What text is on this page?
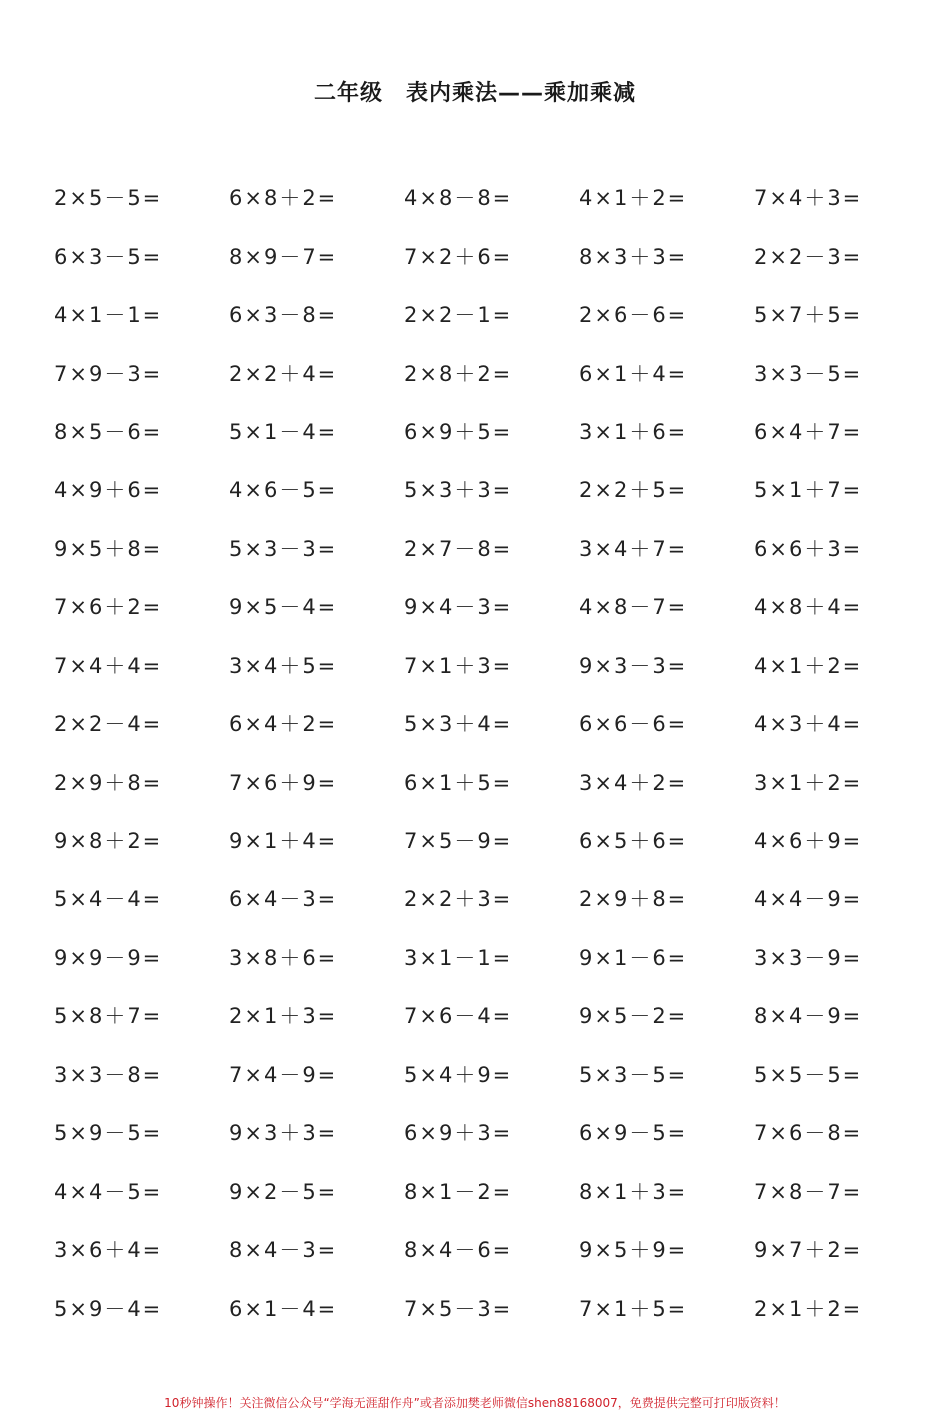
二年级　表内乘法——乘加乘减
2×5－5=	6×8＋2=	4×8－8=	4×1＋2=	7×4＋3=
6×3－5=	8×9－7=	7×2＋6=	8×3＋3=	2×2－3=
4×1－1=	6×3－8=	2×2－1=	2×6－6=	5×7＋5=
7×9－3=	2×2＋4=	2×8＋2=	6×1＋4=	3×3－5=
8×5－6=	5×1－4=	6×9＋5=	3×1＋6=	6×4＋7=
4×9＋6=	4×6－5=	5×3＋3=	2×2＋5=	5×1＋7=
9×5＋8=	5×3－3=	2×7－8=	3×4＋7=	6×6＋3=
7×6＋2=	9×5－4=	9×4－3=	4×8－7=	4×8＋4=
7×4＋4=	3×4＋5=	7×1＋3=	9×3－3=	4×1＋2=
2×2－4=	6×4＋2=	5×3＋4=	6×6－6=	4×3＋4=
2×9＋8=	7×6＋9=	6×1＋5=	3×4＋2=	3×1＋2=
9×8＋2=	9×1＋4=	7×5－9=	6×5＋6=	4×6＋9=
5×4－4=	6×4－3=	2×2＋3=	2×9＋8=	4×4－9=
9×9－9=	3×8＋6=	3×1－1=	9×1－6=	3×3－9=
5×8＋7=	2×1＋3=	7×6－4=	9×5－2=	8×4－9=
3×3－8=	7×4－9=	5×4＋9=	5×3－5=	5×5－5=
5×9－5=	9×3＋3=	6×9＋3=	6×9－5=	7×6－8=
4×4－5=	9×2－5=	8×1－2=	8×1＋3=	7×8－7=
3×6＋4=	8×4－3=	8×4－6=	9×5＋9=	9×7＋2=
5×9－4=	6×1－4=	7×5－3=	7×1＋5=	2×1＋2=
10秒钟操作！关注微信公众号“学海无涯甜作舟”或者添加樊老师微信shen88168007，免费提供完整可打印版资料！
